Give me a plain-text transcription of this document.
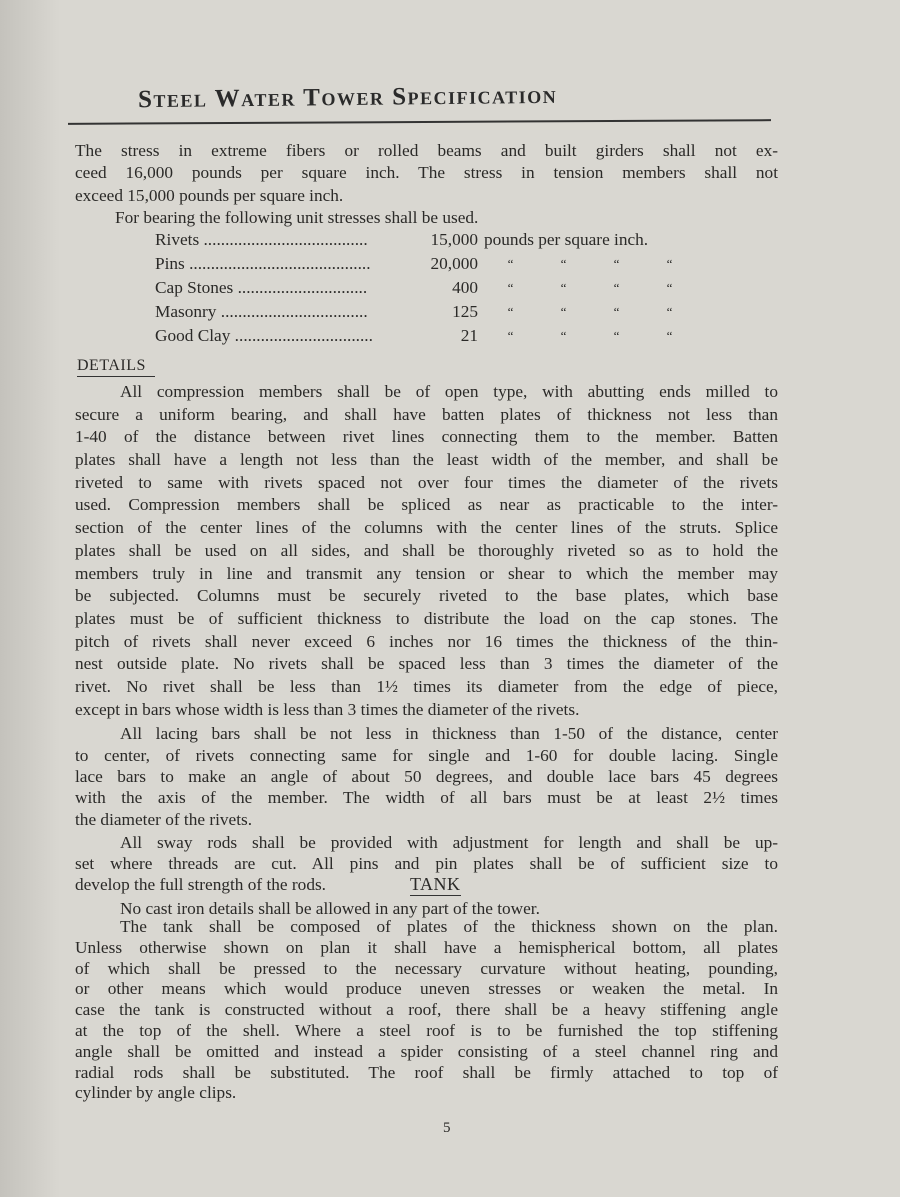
Steel Water Tower Specification
The stress in extreme fibers or rolled beams and built girders shall not ex-
ceed 16,000 pounds per square inch. The stress in tension members shall not
exceed 15,000 pounds per square inch.
For bearing the following unit stresses shall be used.
Rivets ......................................	15,000 pounds per square inch.
Pins ..........................................	20,000	“	“	“	“
Cap Stones ..............................	400	“	“	“	“
Masonry ..................................	125	“	“	“	“
Good Clay ................................	21	“	“	“	“
DETAILS
All compression members shall be of open type, with abutting ends milled to
secure a uniform bearing, and shall have batten plates of thickness not less than
1-40 of the distance between rivet lines connecting them to the member. Batten
plates shall have a length not less than the least width of the member, and shall be
riveted to same with rivets spaced not over four times the diameter of the rivets
used. Compression members shall be spliced as near as practicable to the inter-
section of the center lines of the columns with the center lines of the struts. Splice
plates shall be used on all sides, and shall be thoroughly riveted so as to hold the
members truly in line and transmit any tension or shear to which the member may
be subjected. Columns must be securely riveted to the base plates, which base
plates must be of sufficient thickness to distribute the load on the cap stones. The
pitch of rivets shall never exceed 6 inches nor 16 times the thickness of the thin-
nest outside plate. No rivets shall be spaced less than 3 times the diameter of the
rivet. No rivet shall be less than 1½ times its diameter from the edge of piece,
except in bars whose width is less than 3 times the diameter of the rivets.
All lacing bars shall be not less in thickness than 1-50 of the distance, center
to center, of rivets connecting same for single and 1-60 for double lacing. Single
lace bars to make an angle of about 50 degrees, and double lace bars 45 degrees
with the axis of the member. The width of all bars must be at least 2½ times
the diameter of the rivets.
All sway rods shall be provided with adjustment for length and shall be up-
set where threads are cut. All pins and pin plates shall be of sufficient size to
develop the full strength of the rods.
No cast iron details shall be allowed in any part of the tower.
TANK
The tank shall be composed of plates of the thickness shown on the plan.
Unless otherwise shown on plan it shall have a hemispherical bottom, all plates
of which shall be pressed to the necessary curvature without heating, pounding,
or other means which would produce uneven stresses or weaken the metal. In
case the tank is constructed without a roof, there shall be a heavy stiffening angle
at the top of the shell. Where a steel roof is to be furnished the top stiffening
angle shall be omitted and instead a spider consisting of a steel channel ring and
radial rods shall be substituted. The roof shall be firmly attached to top of
cylinder by angle clips.
5
